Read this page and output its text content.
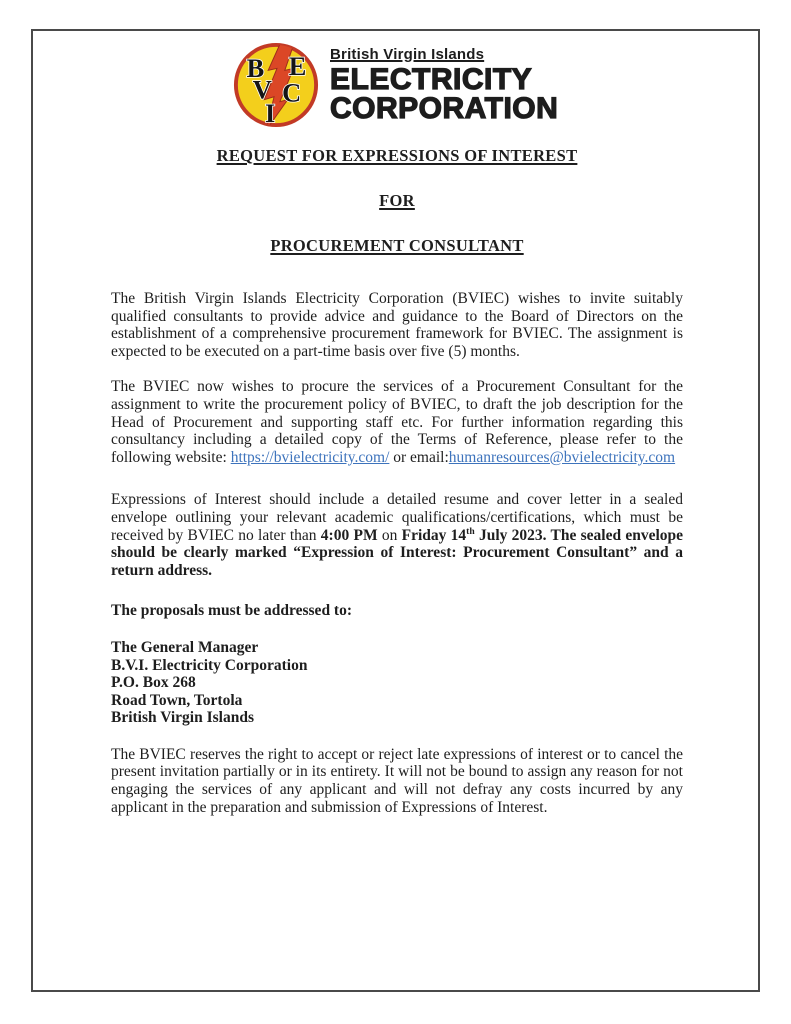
B E
V C
I
British Virgin Islands
ELECTRICITY
CORPORATION
REQUEST FOR EXPRESSIONS OF INTEREST
FOR
PROCUREMENT CONSULTANT

The British Virgin Islands Electricity Corporation (BVIEC) wishes to invite suitably qualified consultants to provide advice and guidance to the Board of Directors on the establishment of a comprehensive procurement framework for BVIEC. The assignment is expected to be executed on a part-time basis over five (5) months.

The BVIEC now wishes to procure the services of a Procurement Consultant for the assignment to write the procurement policy of BVIEC, to draft the job description for the Head of Procurement and supporting staff etc. For further information regarding this consultancy including a detailed copy of the Terms of Reference, please refer to the following website: https://bvielectricity.com/ or email:humanresources@bvielectricity.com

Expressions of Interest should include a detailed resume and cover letter in a sealed envelope outlining your relevant academic qualifications/certifications, which must be received by BVIEC no later than 4:00 PM on Friday 14th July 2023. The sealed envelope should be clearly marked “Expression of Interest: Procurement Consultant” and a return address.

The proposals must be addressed to:
The General Manager
B.V.I. Electricity Corporation
P.O. Box 268
Road Town, Tortola
British Virgin Islands

The BVIEC reserves the right to accept or reject late expressions of interest or to cancel the present invitation partially or in its entirety. It will not be bound to assign any reason for not engaging the services of any applicant and will not defray any costs incurred by any applicant in the preparation and submission of Expressions of Interest.
